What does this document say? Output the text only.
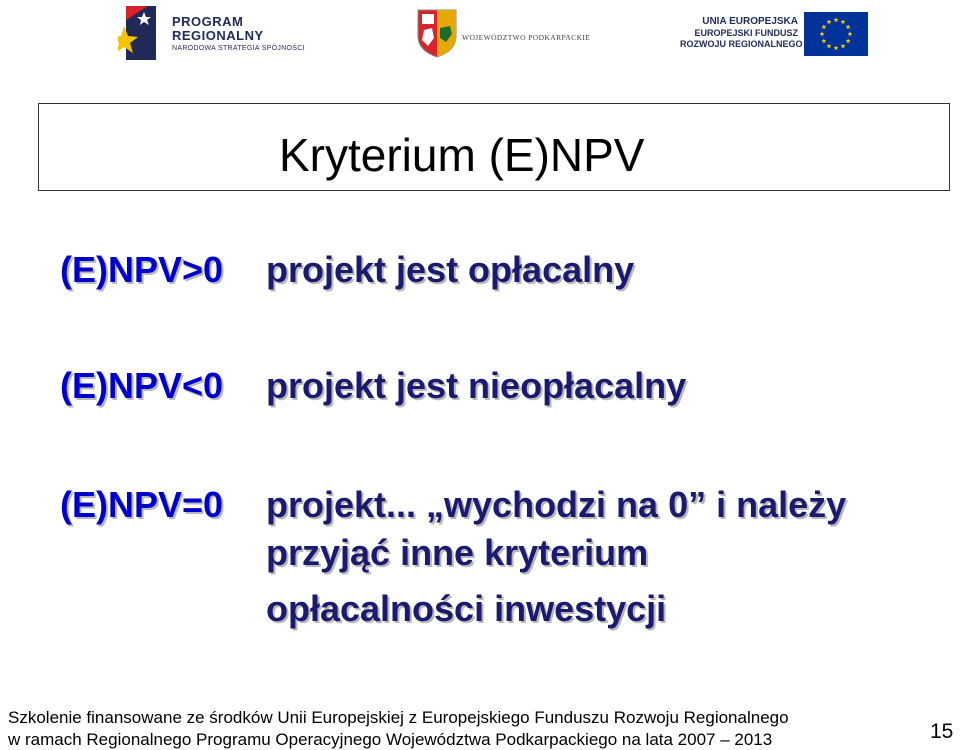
PROGRAM
REGIONALNY
NARODOWA STRATEGIA SPÓJNOŚCI
WOJEWÓDZTWO PODKARPACKIE
UNIA EUROPEJSKA
EUROPEJSKI FUNDUSZ
ROZWOJU REGIONALNEGO
Kryterium (E)NPV
(E)NPV>0 projekt jest opłacalny
(E)NPV<0 projekt jest nieopłacalny
(E)NPV=0 projekt... „wychodzi na 0” i należy
przyjąć inne kryterium
opłacalności inwestycji
Szkolenie finansowane ze środków Unii Europejskiej z Europejskiego Funduszu Rozwoju Regionalnego
w ramach Regionalnego Programu Operacyjnego Województwa Podkarpackiego na lata 2007 – 2013	15
